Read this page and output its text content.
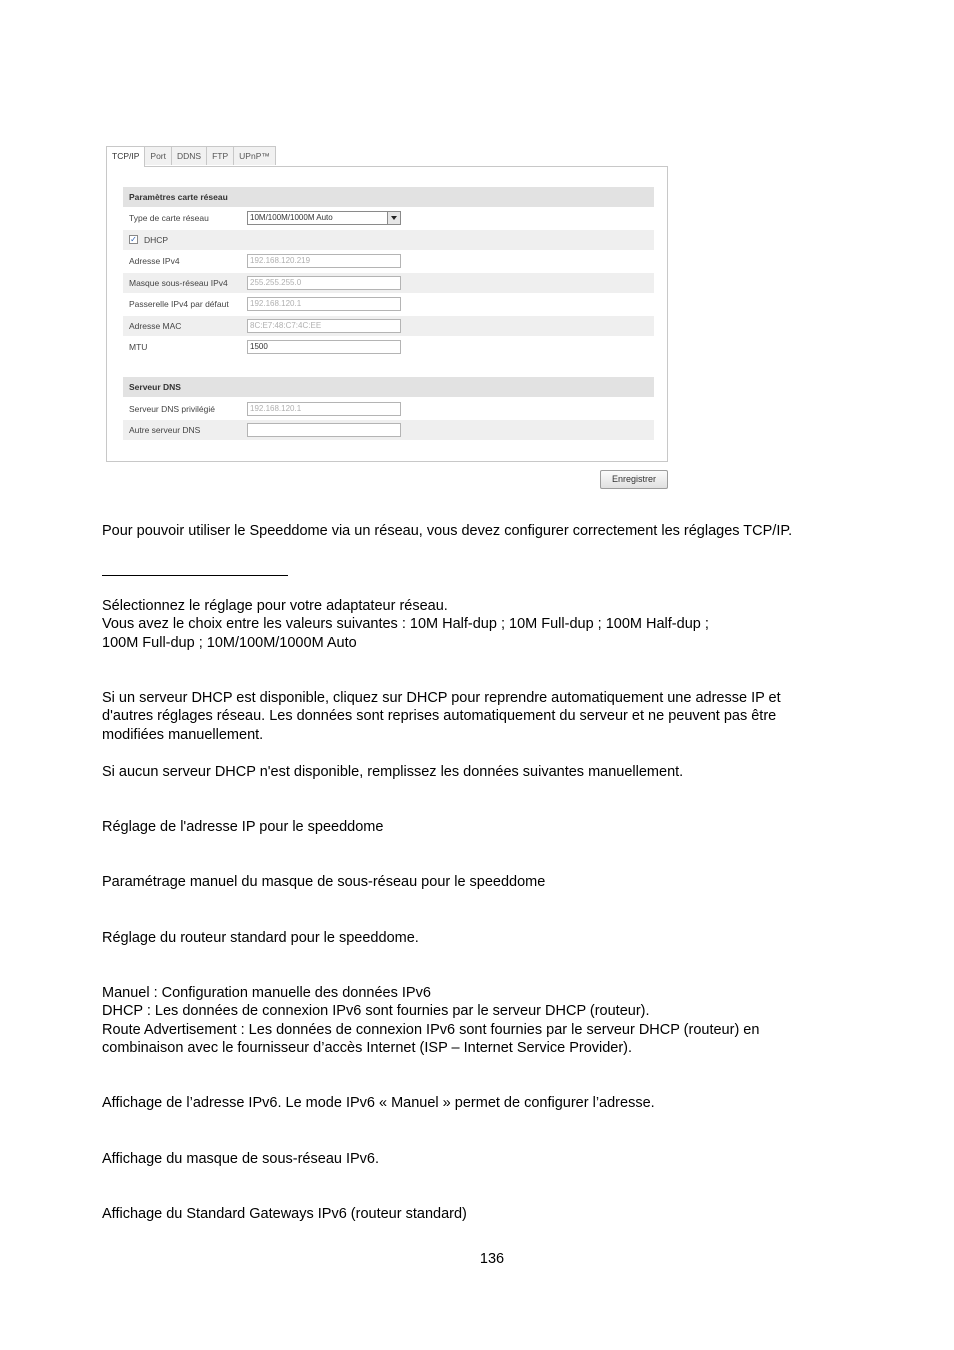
TCP/IP	Port	DDNS	FTP	UPnP™
Paramètres carte réseau
Type de carte réseau	10M/100M/1000M Auto
✓ DHCP
Adresse IPv4	192.168.120.219
Masque sous-réseau IPv4	255.255.255.0
Passerelle IPv4 par défaut	192.168.120.1
Adresse MAC	8C:E7:48:C7:4C:EE
MTU	1500
Serveur DNS
Serveur DNS privilégié	192.168.120.1
Autre serveur DNS
Enregistrer
Pour pouvoir utiliser le Speeddome via un réseau, vous devez configurer correctement les réglages TCP/IP.
Sélectionnez le réglage pour votre adaptateur réseau.
Vous avez le choix entre les valeurs suivantes : 10M Half-dup ; 10M Full-dup ; 100M Half-dup ;
100M Full-dup ; 10M/100M/1000M Auto
Si un serveur DHCP est disponible, cliquez sur DHCP pour reprendre automatiquement une adresse IP et
d'autres réglages réseau. Les données sont reprises automatiquement du serveur et ne peuvent pas être
modifiées manuellement.
Si aucun serveur DHCP n'est disponible, remplissez les données suivantes manuellement.
Réglage de l'adresse IP pour le speeddome
Paramétrage manuel du masque de sous-réseau pour le speeddome
Réglage du routeur standard pour le speeddome.
Manuel : Configuration manuelle des données IPv6
DHCP : Les données de connexion IPv6 sont fournies par le serveur DHCP (routeur).
Route Advertisement : Les données de connexion IPv6 sont fournies par le serveur DHCP (routeur) en
combinaison avec le fournisseur d’accès Internet (ISP – Internet Service Provider).
Affichage de l’adresse IPv6. Le mode IPv6 « Manuel » permet de configurer l’adresse.
Affichage du masque de sous-réseau IPv6.
Affichage du Standard Gateways IPv6 (routeur standard)
136
